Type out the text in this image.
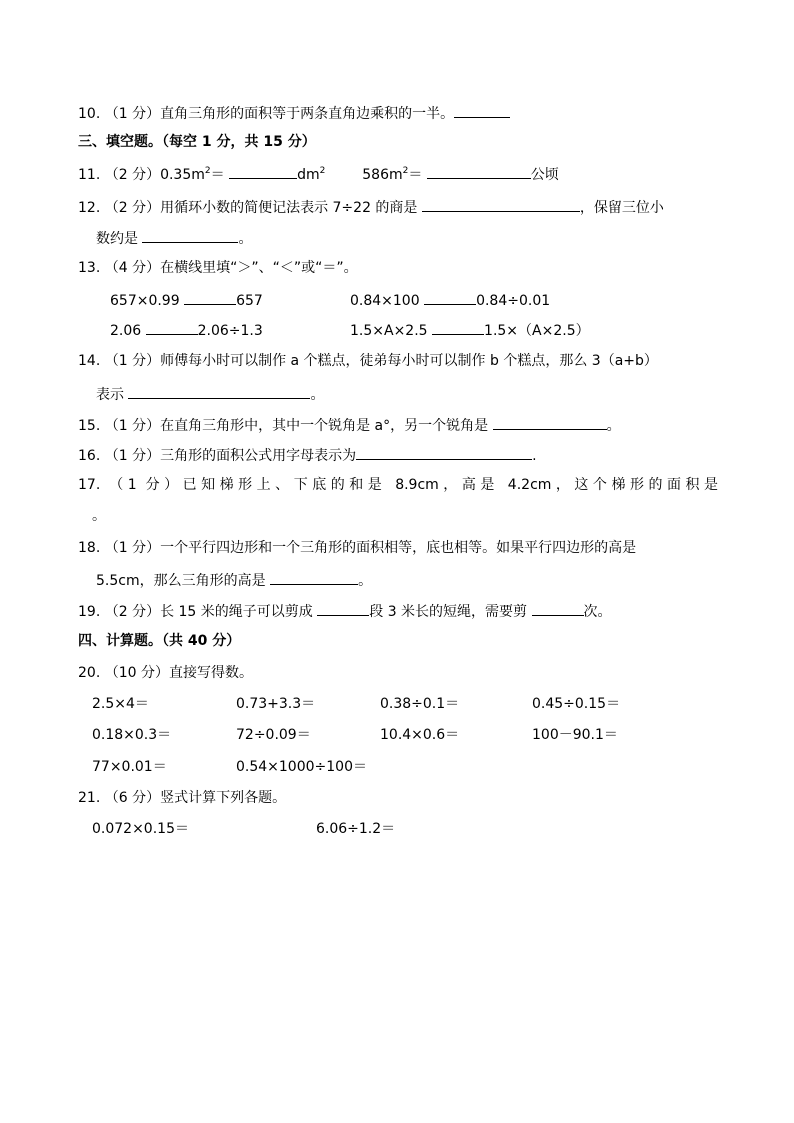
10. （1 分）直角三角形的面积等于两条直角边乘积的一半。
三、填空题。（每空 1 分，共 15 分）
11. （2 分）$0.35m^2=$	$dm^2$	$586m^2=$	公顷
12. （2 分）用循环小数的简便记法表示 7÷22 的商是	，保留三位小
数约是	。
13. （4 分）在横线里填“＞”、“＜”或“＝”。
657×0.99	657	0.84×100	0.84÷0.01
2.06	2.06÷1.3	1.5×A×2.5	1.5×（A×2.5）
14. （1 分）师傅每小时可以制作 a 个糕点，徒弟每小时可以制作 b 个糕点，那么 3（a+b）
表示	。
15. （1 分）在直角三角形中，其中一个锐角是 a°，另一个锐角是	。
16. （1 分）三角形的面积公式用字母表示为	.
17. （1 分）已知梯形上、下底的和是 8.9cm，高是 4.2cm，这个梯形的面积是
。
18. （1 分）一个平行四边形和一个三角形的面积相等，底也相等。如果平行四边形的高是
5.5cm，那么三角形的高是	。
19. （2 分）长 15 米的绳子可以剪成	段 3 米长的短绳，需要剪	次。
四、计算题。（共 40 分）
20. （10 分）直接写得数。
2.5×4＝	0.73+3.3＝	0.38÷0.1＝	0.45÷0.15＝
0.18×0.3＝	72÷0.09＝	10.4×0.6＝	100－90.1＝
77×0.01＝	0.54×1000÷100＝
21. （6 分）竖式计算下列各题。
0.072×0.15＝	6.06÷1.2＝
